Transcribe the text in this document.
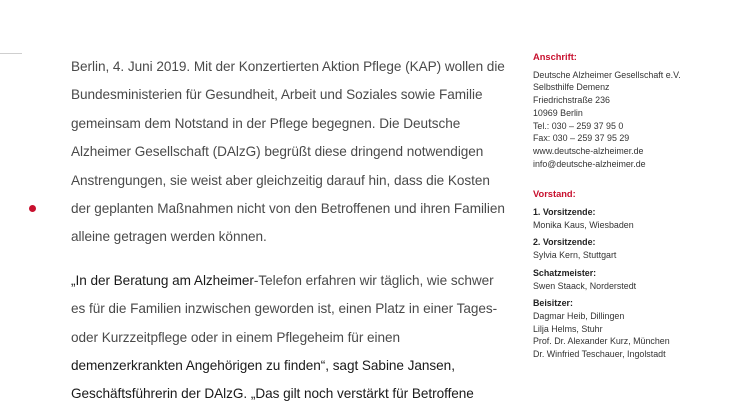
Berlin, 4. Juni 2019. Mit der Konzertierten Aktion Pflege (KAP) wollen die Bundesministerien für Gesundheit, Arbeit und Soziales sowie Familie gemeinsam dem Notstand in der Pflege begegnen. Die Deutsche Alzheimer Gesellschaft (DAlzG) begrüßt diese dringend notwendigen Anstrengungen, sie weist aber gleichzeitig darauf hin, dass die Kosten der geplanten Maßnahmen nicht von den Betroffenen und ihren Familien alleine getragen werden können.

„In der Beratung am Alzheimer-Telefon erfahren wir täglich, wie schwer es für die Familien inzwischen geworden ist, einen Platz in einer Tages- oder Kurzzeitpflege oder in einem Pflegeheim für einen demenzerkrankten Angehörigen zu finden“, sagt Sabine Jansen, Geschäftsführerin der DAlzG. „Das gilt noch verstärkt für Betroffene

Anschrift:
Deutsche Alzheimer Gesellschaft e.V.
Selbsthilfe Demenz
Friedrichstraße 236
10969 Berlin
Tel.: 030 – 259 37 95 0
Fax: 030 – 259 37 95 29
www.deutsche-alzheimer.de
info@deutsche-alzheimer.de
Vorstand:
1. Vorsitzende:
Monika Kaus, Wiesbaden
2. Vorsitzende:
Sylvia Kern, Stuttgart
Schatzmeister:
Swen Staack, Norderstedt
Beisitzer:
Dagmar Heib, Dillingen
Lilja Helms, Stuhr
Prof. Dr. Alexander Kurz, München
Dr. Winfried Teschauer, Ingolstadt
